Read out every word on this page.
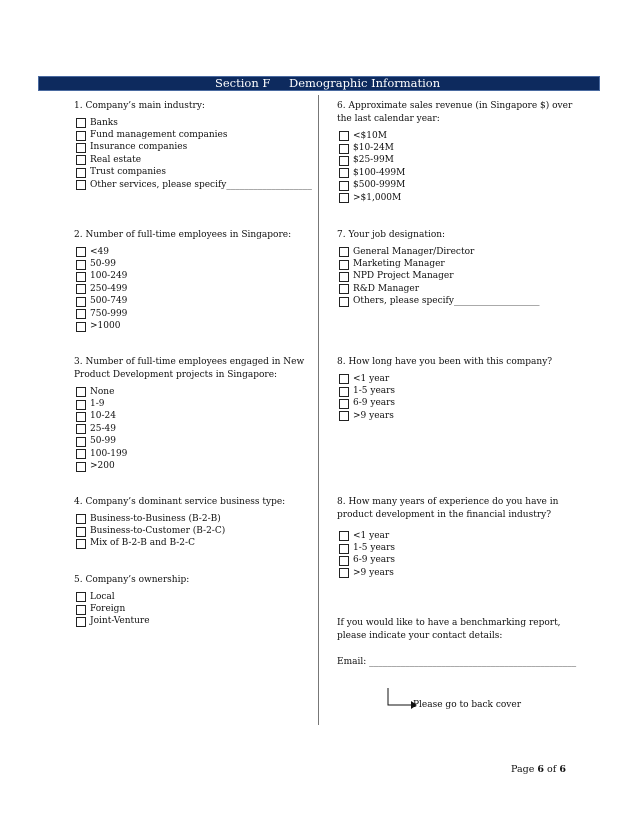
Section F Demographic Information
1. Company’s main industry:
Banks
Fund management companies
Insurance companies
Real estate
Trust companies
Other services, please specify___________________
2. Number of full-time employees in Singapore:
<49
50-99
100-249
250-499
500-749
750-999
>1000
3. Number of full-time employees engaged in New Product Development projects in Singapore:
None
1-9
10-24
25-49
50-99
100-199
>200
4. Company’s dominant service business type:
Business-to-Business (B-2-B)
Business-to-Customer (B-2-C)
Mix of B-2-B and B-2-C
5. Company’s ownership:
Local
Foreign
Joint-Venture
6. Approximate sales revenue (in Singapore $) over the last calendar year:
<$10M
$10-24M
$25-99M
$100-499M
$500-999M
>$1,000M
7. Your job designation:
General Manager/Director
Marketing Manager
NPD Project Manager
R&D Manager
Others, please specify___________________
8. How long have you been with this company?
<1 year
1-5 years
6-9 years
>9 years
8. How many years of experience do you have in product development in the financial industry?
<1 year
1-5 years
6-9 years
>9 years
If you would like to have a benchmarking report, please indicate your contact details:
Email: ______________________________________________
Please go to back cover
Page 6 of 6
